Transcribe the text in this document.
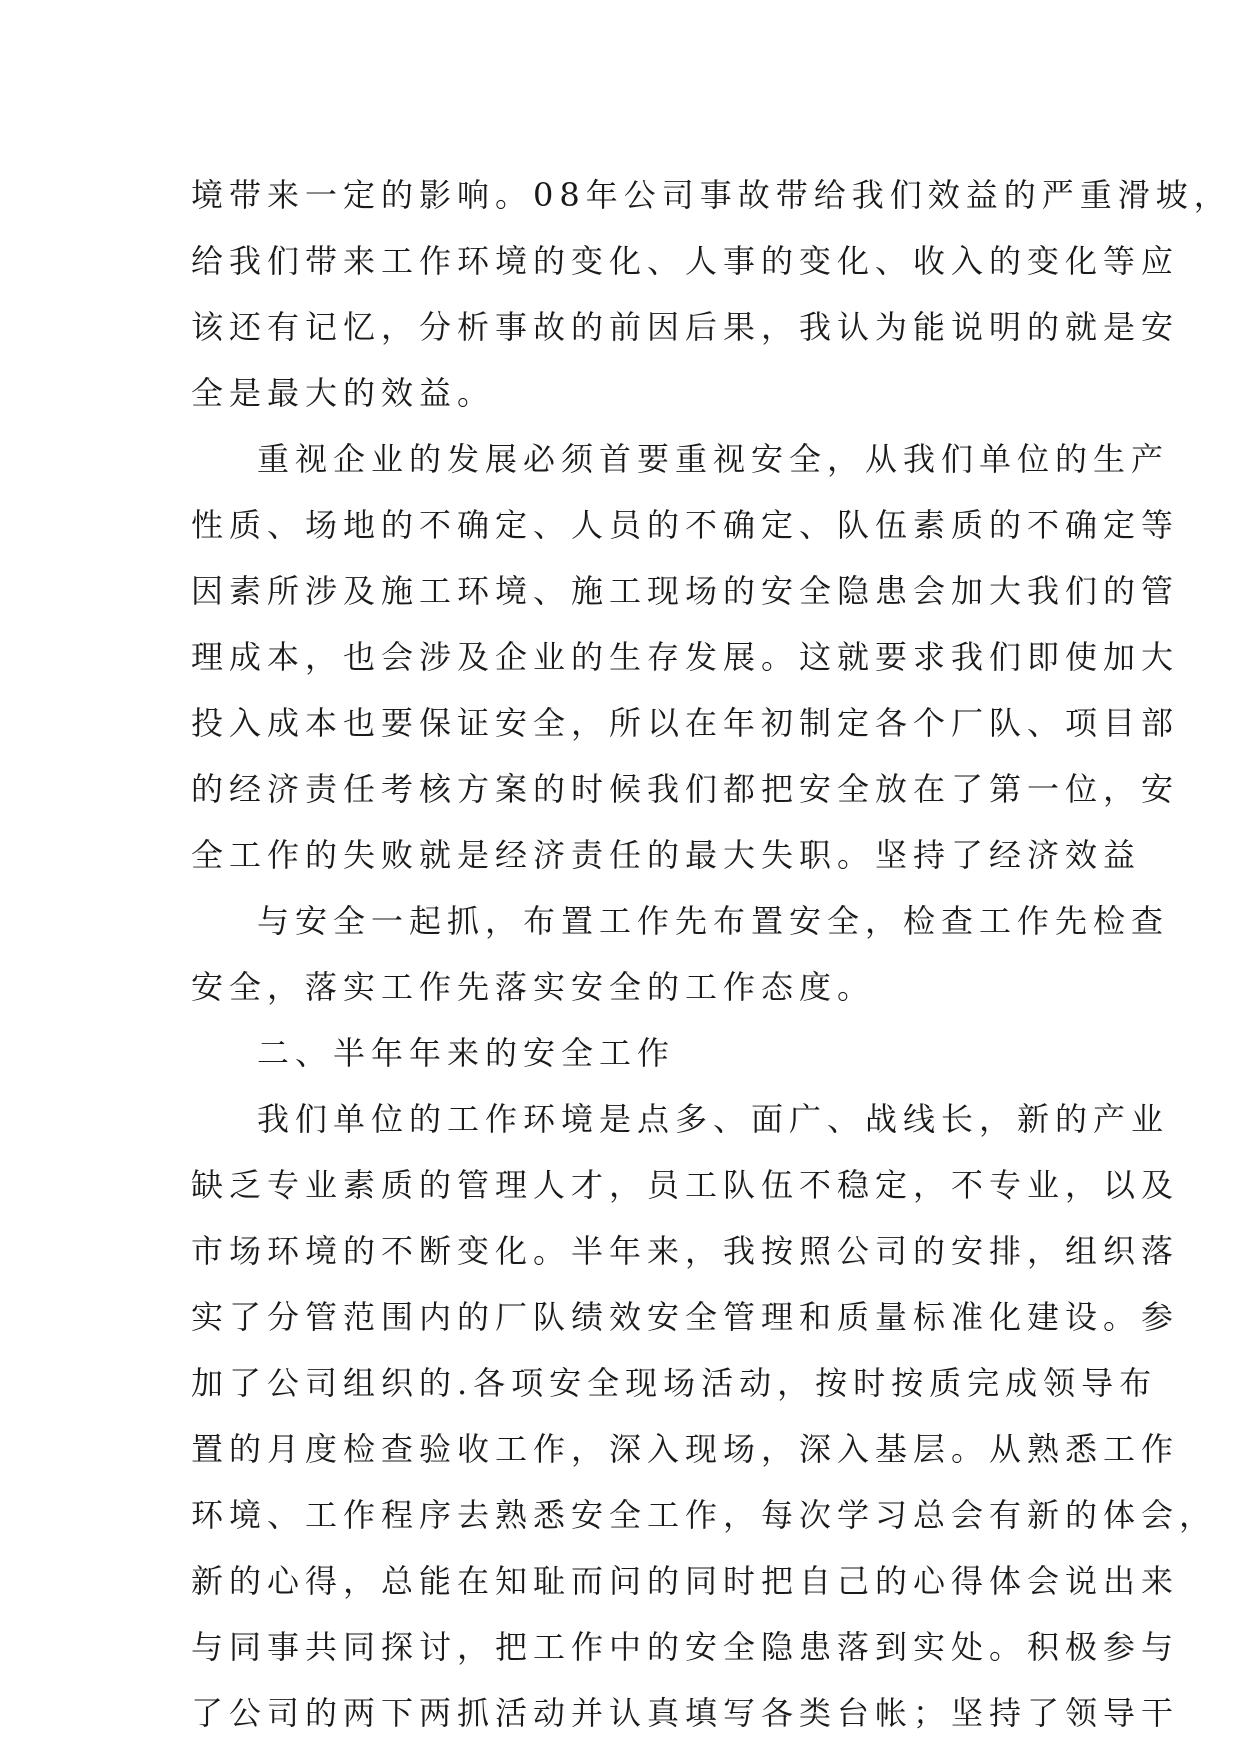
境带来一定的影响。08年公司事故带给我们效益的严重滑坡，
给我们带来工作环境的变化、人事的变化、收入的变化等应
该还有记忆，分析事故的前因后果，我认为能说明的就是安
全是最大的效益。
重视企业的发展必须首要重视安全，从我们单位的生产
性质、场地的不确定、人员的不确定、队伍素质的不确定等
因素所涉及施工环境、施工现场的安全隐患会加大我们的管
理成本，也会涉及企业的生存发展。这就要求我们即使加大
投入成本也要保证安全，所以在年初制定各个厂队、项目部
的经济责任考核方案的时候我们都把安全放在了第一位，安
全工作的失败就是经济责任的最大失职。坚持了经济效益
与安全一起抓，布置工作先布置安全，检查工作先检查
安全，落实工作先落实安全的工作态度。
二、半年年来的安全工作
我们单位的工作环境是点多、面广、战线长，新的产业
缺乏专业素质的管理人才，员工队伍不稳定，不专业，以及
市场环境的不断变化。半年来，我按照公司的安排，组织落
实了分管范围内的厂队绩效安全管理和质量标准化建设。参
加了公司组织的.各项安全现场活动，按时按质完成领导布
置的月度检查验收工作，深入现场，深入基层。从熟悉工作
环境、工作程序去熟悉安全工作，每次学习总会有新的体会，
新的心得，总能在知耻而问的同时把自己的心得体会说出来
与同事共同探讨，把工作中的安全隐患落到实处。积极参与
了公司的两下两抓活动并认真填写各类台帐；坚持了领导干
